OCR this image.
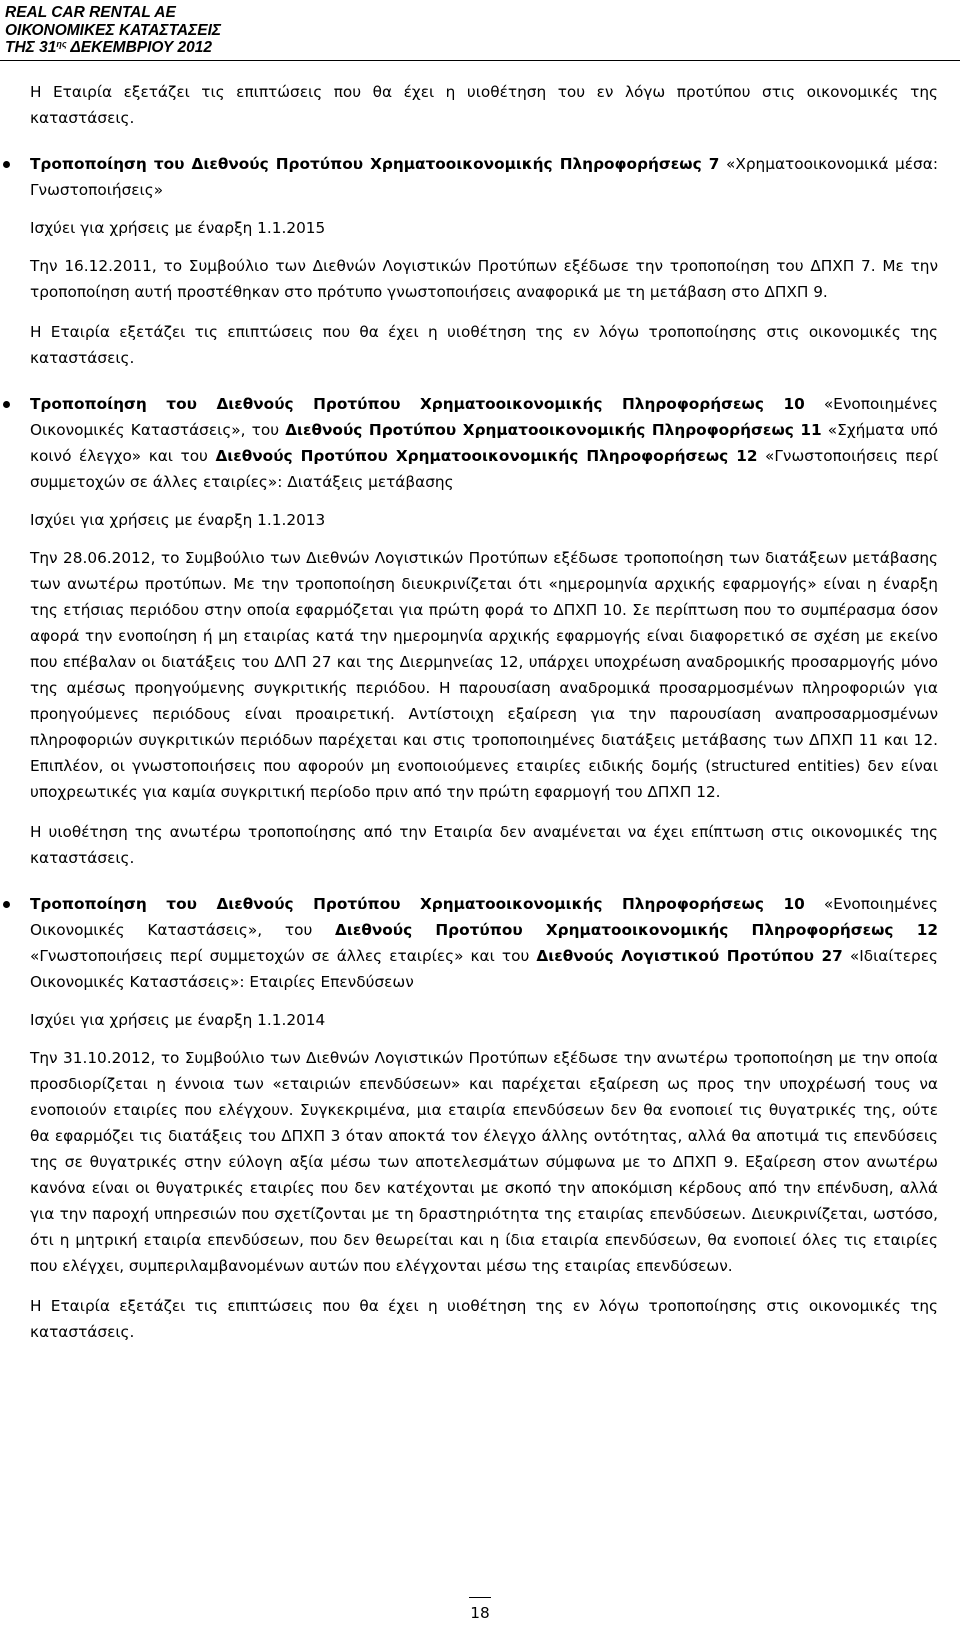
REAL CAR RENTAL AE
ΟΙΚΟΝΟΜΙΚΕΣ ΚΑΤΑΣΤΑΣΕΙΣ
ΤΗΣ $31^{\eta\varsigma}$ ΔΕΚΕΜΒΡΙΟΥ 2012

Η Εταιρία εξετάζει τις επιπτώσεις που θα έχει η υιοθέτηση του εν λόγω προτύπου στις οικονομικές της καταστάσεις.

Τροποποίηση του Διεθνούς Προτύπου Χρηματοοικονομικής Πληροφορήσεως 7 «Χρηματοοικονομικά μέσα: Γνωστοποιήσεις»

Ισχύει για χρήσεις με έναρξη 1.1.2015

Την 16.12.2011, το Συμβούλιο των Διεθνών Λογιστικών Προτύπων εξέδωσε την τροποποίηση του ΔΠΧΠ 7. Με την τροποποίηση αυτή προστέθηκαν στο πρότυπο γνωστοποιήσεις αναφορικά με τη μετάβαση στο ΔΠΧΠ 9.

Η Εταιρία εξετάζει τις επιπτώσεις που θα έχει η υιοθέτηση της εν λόγω τροποποίησης στις οικονομικές της καταστάσεις.

Τροποποίηση του Διεθνούς Προτύπου Χρηματοοικονομικής Πληροφορήσεως 10 «Ενοποιημένες Οικονομικές Καταστάσεις», του Διεθνούς Προτύπου Χρηματοοικονομικής Πληροφορήσεως 11 «Σχήματα υπό κοινό έλεγχο» και του Διεθνούς Προτύπου Χρηματοοικονομικής Πληροφορήσεως 12 «Γνωστοποιήσεις περί συμμετοχών σε άλλες εταιρίες»: Διατάξεις μετάβασης

Ισχύει για χρήσεις με έναρξη 1.1.2013

Την 28.06.2012, το Συμβούλιο των Διεθνών Λογιστικών Προτύπων εξέδωσε τροποποίηση των διατάξεων μετάβασης των ανωτέρω προτύπων. Με την τροποποίηση διευκρινίζεται ότι «ημερομηνία αρχικής εφαρμογής» είναι η έναρξη της ετήσιας περιόδου στην οποία εφαρμόζεται για πρώτη φορά το ΔΠΧΠ 10. Σε περίπτωση που το συμπέρασμα όσον αφορά την ενοποίηση ή μη εταιρίας κατά την ημερομηνία αρχικής εφαρμογής είναι διαφορετικό σε σχέση με εκείνο που επέβαλαν οι διατάξεις του ΔΛΠ 27 και της Διερμηνείας 12, υπάρχει υποχρέωση αναδρομικής προσαρμογής μόνο της αμέσως προηγούμενης συγκριτικής περιόδου. Η παρουσίαση αναδρομικά προσαρμοσμένων πληροφοριών για προηγούμενες περιόδους είναι προαιρετική. Αντίστοιχη εξαίρεση για την παρουσίαση αναπροσαρμοσμένων πληροφοριών συγκριτικών περιόδων παρέχεται και στις τροποποιημένες διατάξεις μετάβασης των ΔΠΧΠ 11 και 12. Επιπλέον, οι γνωστοποιήσεις που αφορούν μη ενοποιούμενες εταιρίες ειδικής δομής (structured entities) δεν είναι υποχρεωτικές για καμία συγκριτική περίοδο πριν από την πρώτη εφαρμογή του ΔΠΧΠ 12.

Η υιοθέτηση της ανωτέρω τροποποίησης από την Εταιρία δεν αναμένεται να έχει επίπτωση στις οικονομικές της καταστάσεις.

Τροποποίηση του Διεθνούς Προτύπου Χρηματοοικονομικής Πληροφορήσεως 10 «Ενοποιημένες Οικονομικές Καταστάσεις», του Διεθνούς Προτύπου Χρηματοοικονομικής Πληροφορήσεως 12 «Γνωστοποιήσεις περί συμμετοχών σε άλλες εταιρίες» και του Διεθνούς Λογιστικού Προτύπου 27 «Ιδιαίτερες Οικονομικές Καταστάσεις»: Εταιρίες Επενδύσεων

Ισχύει για χρήσεις με έναρξη 1.1.2014

Την 31.10.2012, το Συμβούλιο των Διεθνών Λογιστικών Προτύπων εξέδωσε την ανωτέρω τροποποίηση με την οποία προσδιορίζεται η έννοια των «εταιριών επενδύσεων» και παρέχεται εξαίρεση ως προς την υποχρέωσή τους να ενοποιούν εταιρίες που ελέγχουν. Συγκεκριμένα, μια εταιρία επενδύσεων δεν θα ενοποιεί τις θυγατρικές της, ούτε θα εφαρμόζει τις διατάξεις του ΔΠΧΠ 3 όταν αποκτά τον έλεγχο άλλης οντότητας, αλλά θα αποτιμά τις επενδύσεις της σε θυγατρικές στην εύλογη αξία μέσω των αποτελεσμάτων σύμφωνα με το ΔΠΧΠ 9. Εξαίρεση στον ανωτέρω κανόνα είναι οι θυγατρικές εταιρίες που δεν κατέχονται με σκοπό την αποκόμιση κέρδους από την επένδυση, αλλά για την παροχή υπηρεσιών που σχετίζονται με τη δραστηριότητα της εταιρίας επενδύσεων. Διευκρινίζεται, ωστόσο, ότι η μητρική εταιρία επενδύσεων, που δεν θεωρείται και η ίδια εταιρία επενδύσεων, θα ενοποιεί όλες τις εταιρίες που ελέγχει, συμπεριλαμβανομένων αυτών που ελέγχονται μέσω της εταιρίας επενδύσεων.

Η Εταιρία εξετάζει τις επιπτώσεις που θα έχει η υιοθέτηση της εν λόγω τροποποίησης στις οικονομικές της καταστάσεις.

18
